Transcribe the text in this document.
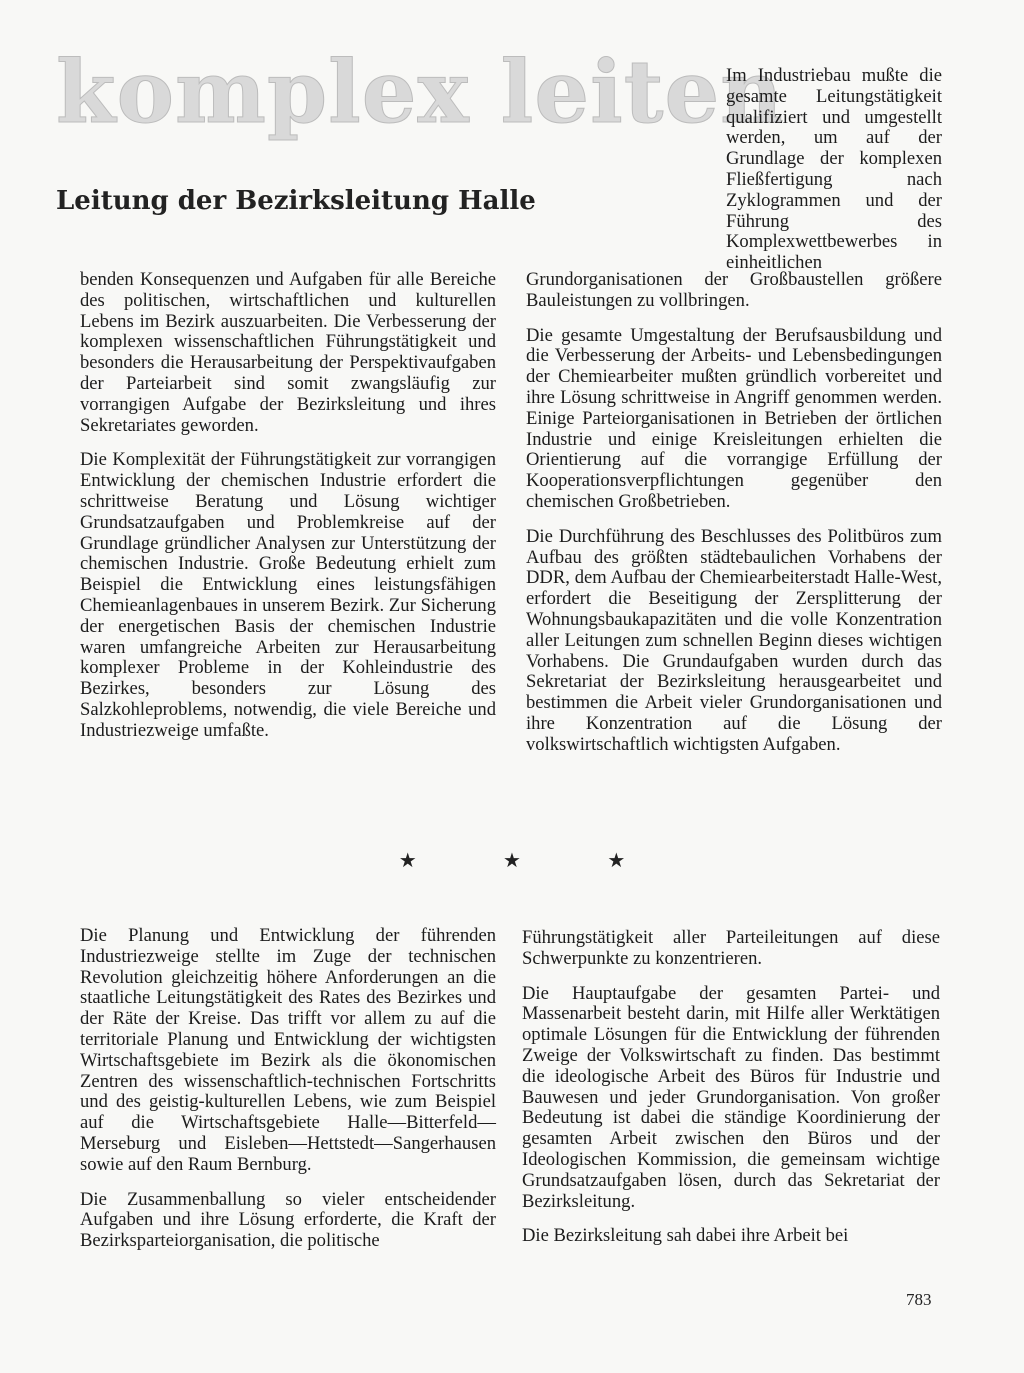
komplex leiten
Leitung der Bezirksleitung Halle

Im Industriebau mußte die gesamte Leitungstätigkeit qualifiziert und umgestellt werden, um auf der Grundlage der komplexen Fließfertigung nach Zyklogrammen und der Führung des Komplexwettbewerbes in einheitlichen

benden Konsequenzen und Aufgaben für alle Bereiche des politischen, wirtschaftlichen und kulturellen Lebens im Bezirk auszuarbeiten. Die Verbesserung der komplexen wissenschaftlichen Führungstätigkeit und besonders die Herausarbeitung der Perspektivaufgaben der Parteiarbeit sind somit zwangsläufig zur vorrangigen Aufgabe der Bezirksleitung und ihres Sekretariates geworden.

Die Komplexität der Führungstätigkeit zur vorrangigen Entwicklung der chemischen Industrie erfordert die schrittweise Beratung und Lösung wichtiger Grundsatzaufgaben und Problemkreise auf der Grundlage gründlicher Analysen zur Unterstützung der chemischen Industrie. Große Bedeutung erhielt zum Beispiel die Entwicklung eines leistungsfähigen Chemieanlagenbaues in unserem Bezirk. Zur Sicherung der energetischen Basis der chemischen Industrie waren umfangreiche Arbeiten zur Herausarbeitung komplexer Probleme in der Kohleindustrie des Bezirkes, besonders zur Lösung des Salzkohleproblems, notwendig, die viele Bereiche und Industriezweige umfaßte.

Grundorganisationen der Großbaustellen größere Bauleistungen zu vollbringen.

Die gesamte Umgestaltung der Berufsausbildung und die Verbesserung der Arbeits- und Lebensbedingungen der Chemiearbeiter mußten gründlich vorbereitet und ihre Lösung schrittweise in Angriff genommen werden. Einige Parteiorganisationen in Betrieben der örtlichen Industrie und einige Kreisleitungen erhielten die Orientierung auf die vorrangige Erfüllung der Kooperationsverpflichtungen gegenüber den chemischen Großbetrieben.

Die Durchführung des Beschlusses des Politbüros zum Aufbau des größten städtebaulichen Vorhabens der DDR, dem Aufbau der Chemiearbeiterstadt Halle-West, erfordert die Beseitigung der Zersplitterung der Wohnungsbaukapazitäten und die volle Konzentration aller Leitungen zum schnellen Beginn dieses wichtigen Vorhabens. Die Grundaufgaben wurden durch das Sekretariat der Bezirksleitung herausgearbeitet und bestimmen die Arbeit vieler Grundorganisationen und ihre Konzentration auf die Lösung der volkswirtschaftlich wichtigsten Aufgaben.

★	★	★

Die Planung und Entwicklung der führenden Industriezweige stellte im Zuge der technischen Revolution gleichzeitig höhere Anforderungen an die staatliche Leitungstätigkeit des Rates des Bezirkes und der Räte der Kreise. Das trifft vor allem zu auf die territoriale Planung und Entwicklung der wichtigsten Wirtschaftsgebiete im Bezirk als die ökonomischen Zentren des wissenschaftlich-technischen Fortschritts und des geistig-kulturellen Lebens, wie zum Beispiel auf die Wirtschaftsgebiete Halle—Bitterfeld—Merseburg und Eisleben—Hettstedt—Sangerhausen sowie auf den Raum Bernburg.

Die Zusammenballung so vieler entscheidender Aufgaben und ihre Lösung erforderte, die Kraft der Bezirksparteiorganisation, die politische

Führungstätigkeit aller Parteileitungen auf diese Schwerpunkte zu konzentrieren.

Die Hauptaufgabe der gesamten Partei- und Massenarbeit besteht darin, mit Hilfe aller Werktätigen optimale Lösungen für die Entwicklung der führenden Zweige der Volkswirtschaft zu finden. Das bestimmt die ideologische Arbeit des Büros für Industrie und Bauwesen und jeder Grundorganisation. Von großer Bedeutung ist dabei die ständige Koordinierung der gesamten Arbeit zwischen den Büros und der Ideologischen Kommission, die gemeinsam wichtige Grundsatzaufgaben lösen, durch das Sekretariat der Bezirksleitung.

Die Bezirksleitung sah dabei ihre Arbeit bei

783
